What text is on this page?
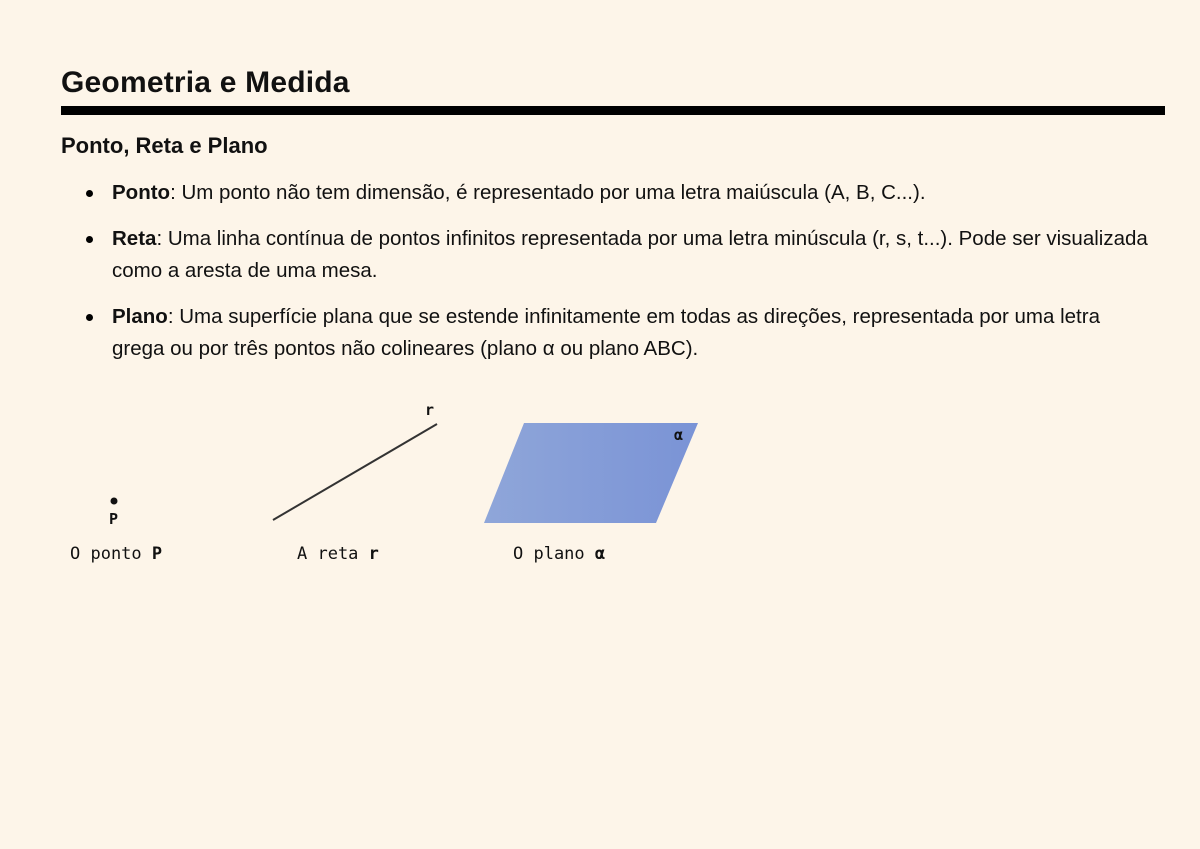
Geometria e Medida
Ponto, Reta e Plano
Ponto: Um ponto não tem dimensão, é representado por uma letra maiúscula (A, B, C...).
Reta: Uma linha contínua de pontos infinitos representada por uma letra minúscula (r, s, t...). Pode ser visualizada como a aresta de uma mesa.
Plano: Uma superfície plana que se estende infinitamente em todas as direções, representada por uma letra grega ou por três pontos não colineares (plano α ou plano ABC).
P
r
α
O ponto P	A reta r	O plano α
